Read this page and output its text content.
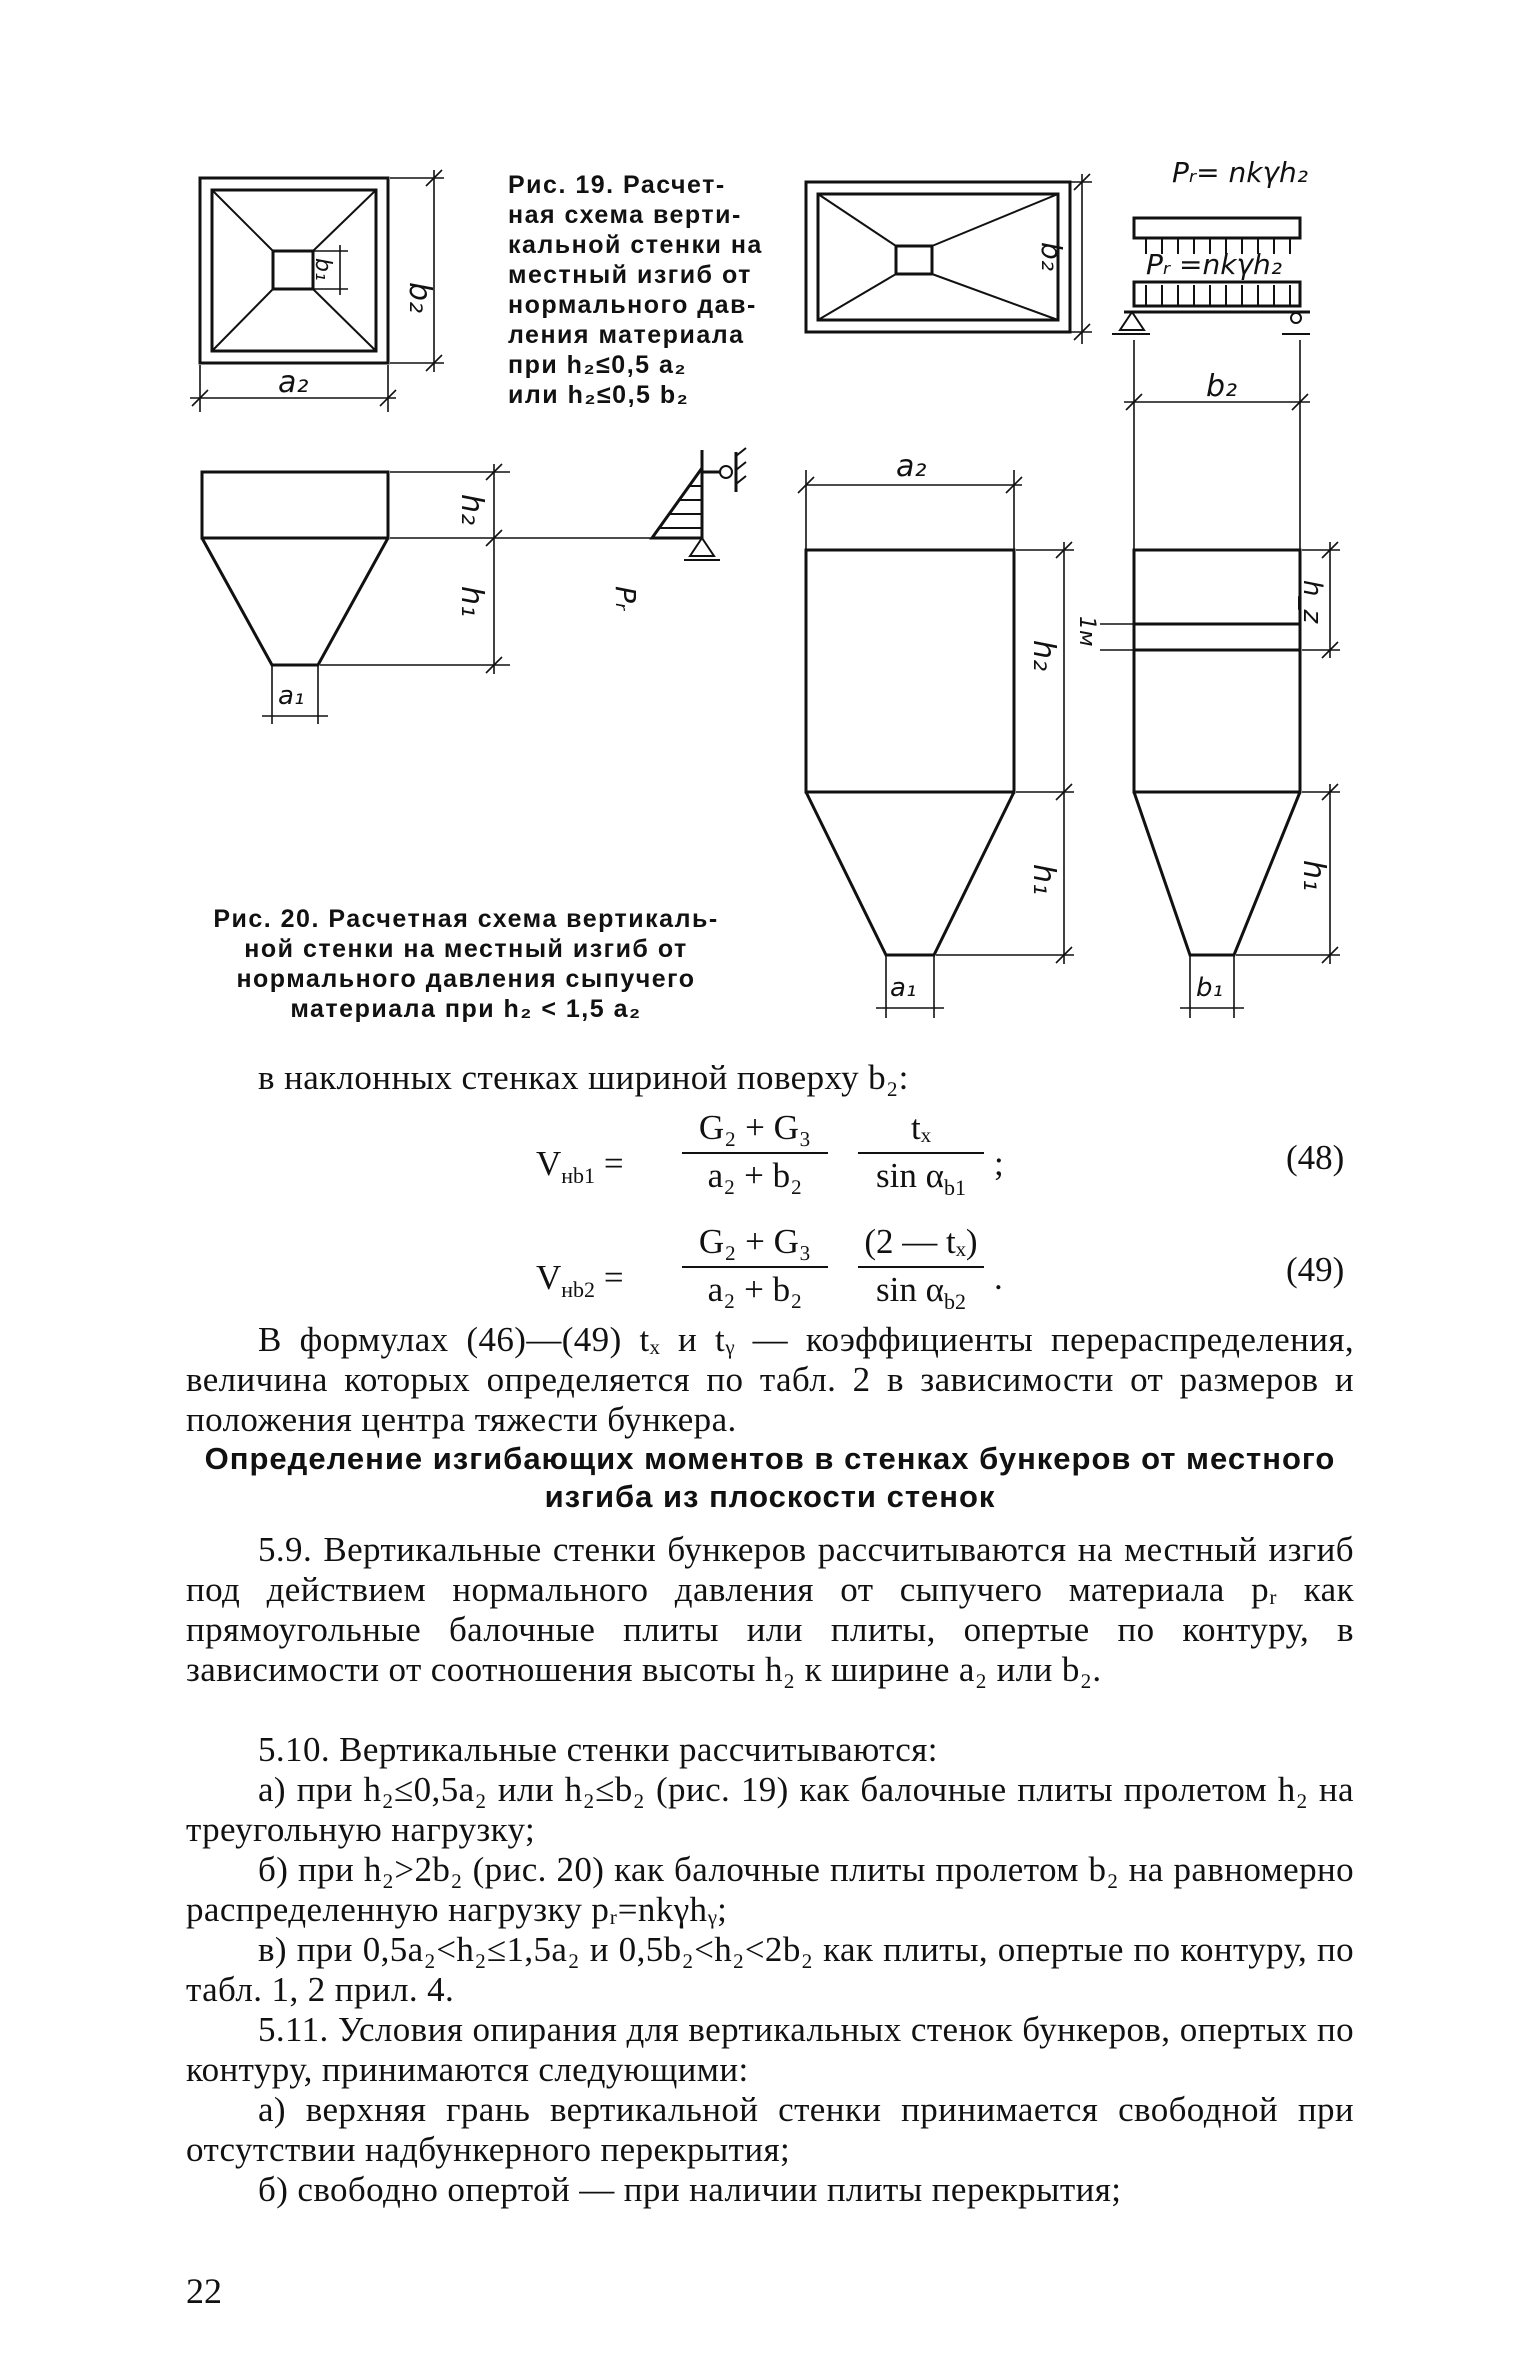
a₂
b₂
b₁
h₂
h₁
a₁
Pᵣ
a₂
b₂
h₂
h₁
a₁
1м
b₂
h_z
h₁
b₁
Pᵣ= nkγh₂
Pᵣ =nkγh₂
Рис. 19. Расчет-
ная схема верти-
кальной стенки на
местный изгиб от
нормального дав-
ления материала
при h₂≤0,5 a₂
или h₂≤0,5 b₂
Рис. 20. Расчетная схема вертикаль-
ной стенки на местный изгиб от
нормального давления сыпучего
материала при h₂ < 1,5 a₂
в наклонных стенках шириной поверху b₂:
$V_{нb1}$ =
G₂ + G₃
a₂ + b₂
tₓ
$\sin \alpha_{b1}$
;	(48)
$V_{нb2}$ =
G₂ + G₃
a₂ + b₂
(2 — tₓ)
$\sin \alpha_{b2}$
.	(49)
В формулах (46)—(49) tₓ и tᵧ — коэффициенты перераспределения, величина которых определяется по табл. 2 в зависимости от размеров и положения центра тяжести бункера.
Определение изгибающих моментов в стенках бункеров от местного изгиба из плоскости стенок
5.9. Вертикальные стенки бункеров рассчитываются на местный изгиб под действием нормального давления от сыпучего материала pᵣ как прямоугольные балочные плиты или плиты, опертые по контуру, в зависимости от соотношения высоты h₂ к ширине a₂ или b₂.
5.10. Вертикальные стенки рассчитываются:
а) при h₂≤0,5a₂ или h₂≤b₂ (рис. 19) как балочные плиты пролетом h₂ на треугольную нагрузку;
б) при h₂>2b₂ (рис. 20) как балочные плиты пролетом b₂ на равномерно распределенную нагрузку pᵣ=nkγhᵧ;
в) при 0,5a₂<h₂≤1,5a₂ и 0,5b₂<h₂<2b₂ как плиты, опертые по контуру, по табл. 1, 2 прил. 4.
5.11. Условия опирания для вертикальных стенок бункеров, опертых по контуру, принимаются следующими:
а) верхняя грань вертикальной стенки принимается свободной при отсутствии надбункерного перекрытия;
б) свободно опертой — при наличии плиты перекрытия;
22
